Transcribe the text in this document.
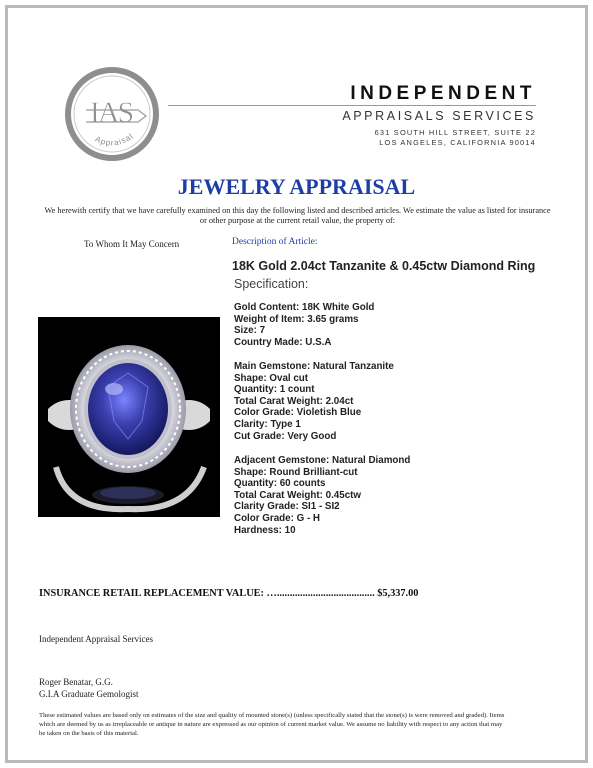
IAS
Appraisal
INDEPENDENT
APPRAISALS SERVICES
631 SOUTH HILL STREET, SUITE 22
LOS ANGELES, CALIFORNIA 90014
JEWELRY APPRAISAL
We herewith certify that we have carefully examined on this day the following listed and described articles. We estimate the value as listed for insurance or other purpose at the current retail value, the property of:
To Whom It May Concern	Description of Article:
18K Gold 2.04ct Tanzanite & 0.45ctw Diamond Ring
Specification:
Gold Content: 18K White Gold
Weight of Item: 3.65 grams
Size: 7
Country Made: U.S.A
Main Gemstone: Natural Tanzanite
Shape: Oval cut
Quantity: 1 count
Total Carat Weight: 2.04ct
Color Grade: Violetish Blue
Clarity: Type 1
Cut Grade: Very Good
Adjacent Gemstone: Natural Diamond
Shape: Round Brilliant-cut
Quantity: 60 counts
Total Carat Weight: 0.45ctw
Clarity Grade: SI1 - SI2
Color Grade: G - H
Hardness: 10
INSURANCE RETAIL REPLACEMENT VALUE: …...................................... $5,337.00
Independent Appraisal Services
Roger Benatar, G.G.
G.I.A Graduate Gemologist
These estimated values are based only on estimates of the size and quality of mounted stone(s) (unless specifically stated that the stone(s) is were removed and graded). Items which are deemed by us as irreplaceable or antique in nature are expressed as our opinion of current market value. We assume no liability with respect to any action that may be taken on the basis of this material.
